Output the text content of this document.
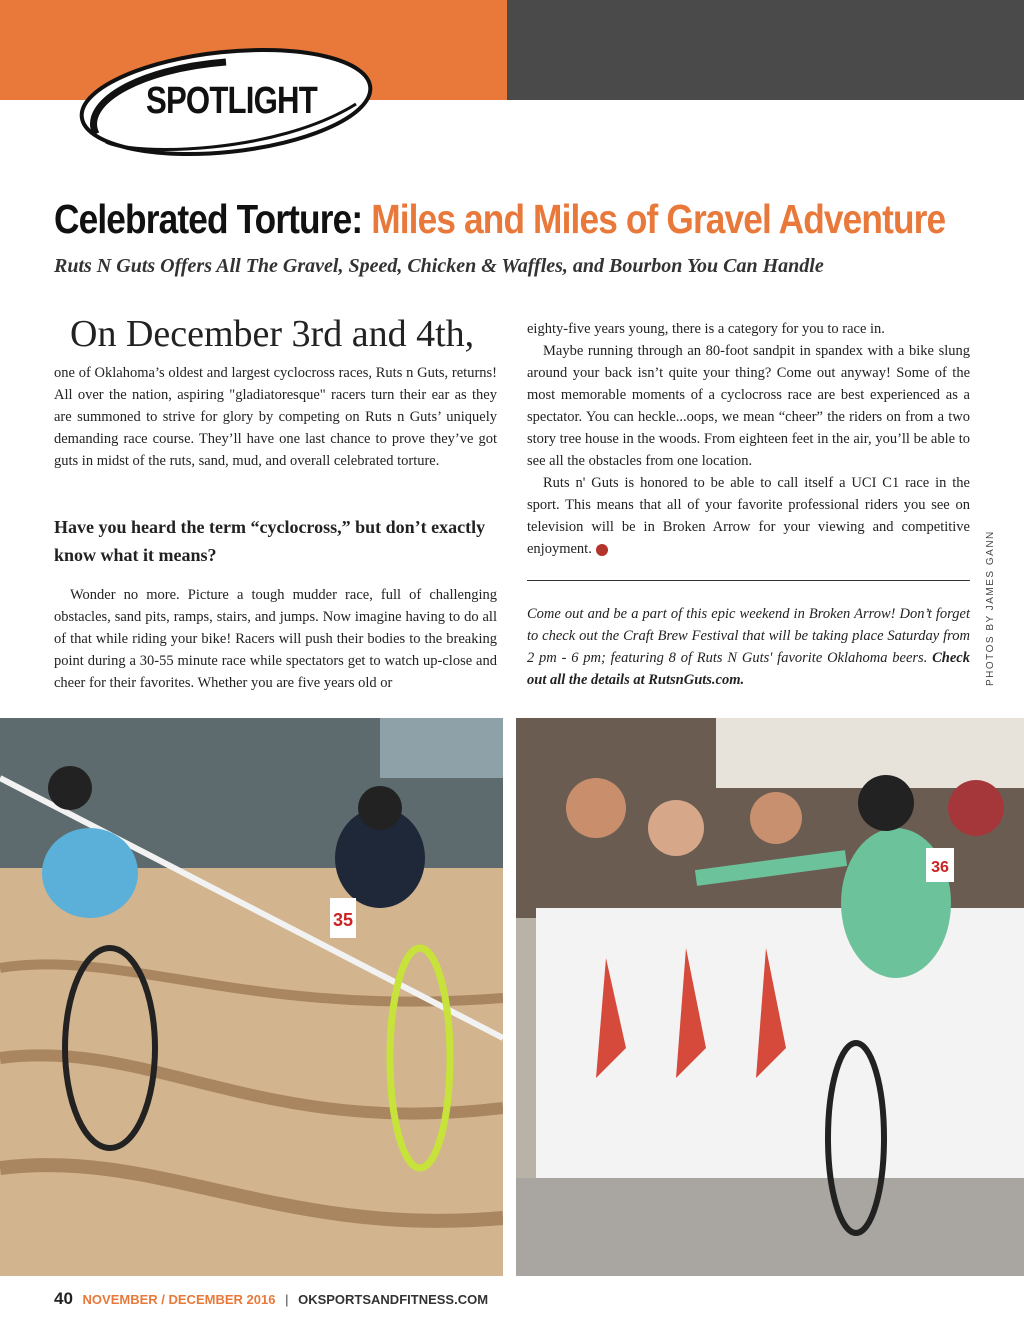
SPOTLIGHT
Celebrated Torture: Miles and Miles of Gravel Adventure
Ruts N Guts Offers All The Gravel, Speed, Chicken & Waffles, and Bourbon You Can Handle
On December 3rd and 4th,

one of Oklahoma’s oldest and largest cyclocross races, Ruts n Guts, returns! All over the nation, aspiring "gladiatoresque" racers turn their ear as they are summoned to strive for glory by competing on Ruts n Guts’ uniquely demanding race course. They’ll have one last chance to prove they’ve got guts in midst of the ruts, sand, mud, and overall celebrated torture.

Have you heard the term “cyclocross,” but don’t exactly know what it means?

Wonder no more. Picture a tough mudder race, full of challenging obstacles, sand pits, ramps, stairs, and jumps. Now imagine having to do all of that while riding your bike! Racers will push their bodies to the breaking point during a 30-55 minute race while spectators get to watch up-close and cheer for their favorites. Whether you are five years old or

eighty-five years young, there is a category for you to race in.

Maybe running through an 80-foot sandpit in spandex with a bike slung around your back isn’t quite your thing? Come out anyway! Some of the most memorable moments of a cyclocross race are best experienced as a spectator. You can heckle...oops, we mean “cheer” the riders on from a two story tree house in the woods. From eighteen feet in the air, you’ll be able to see all the obstacles from one location.

Ruts n' Guts is honored to be able to call itself a UCI C1 race in the sport. This means that all of your favorite professional riders you see on television will be in Broken Arrow for your viewing and competitive enjoyment.

Come out and be a part of this epic weekend in Broken Arrow! Don’t forget to check out the Craft Brew Festival that will be taking place Saturday from 2 pm - 6 pm; featuring 8 of Ruts N Guts' favorite Oklahoma beers. Check out all the details at RutsnGuts.com.	PHOTOS BY JAMES GANN
35
36
40 NOVEMBER / DECEMBER 2016 | OKSPORTSANDFITNESS.COM
